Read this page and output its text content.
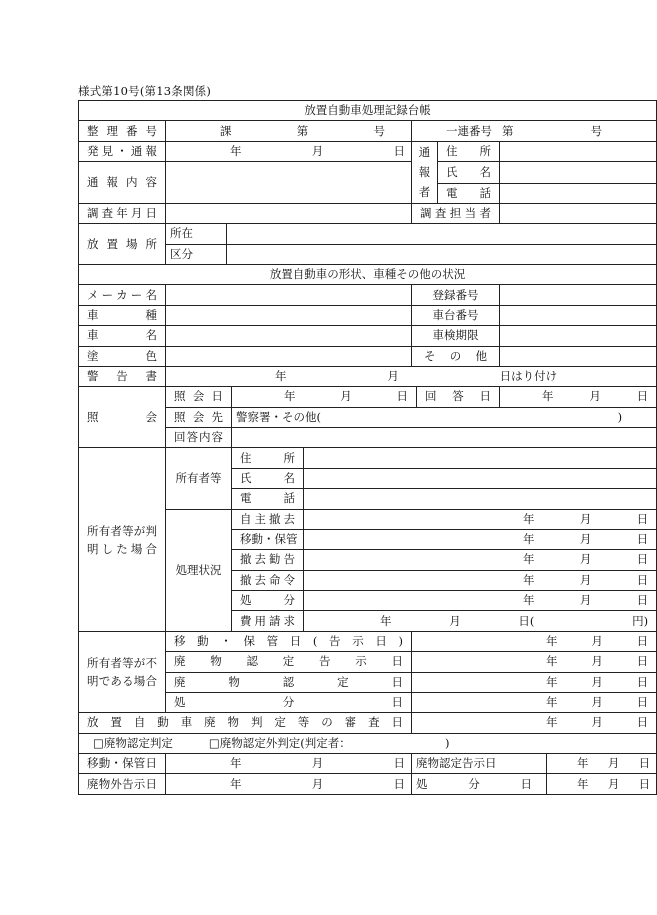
様式第10号(第13条関係)
放置自動車処理記録台帳									
整理番号	課 第 号				一連番号 第 号				

発見・通報	年 月 日				通報者		住所		
通報内容							氏名		
							電話		
調査年月日					調査担当者				
放置場所	所在								
	区分								
放置自動車の形状、車種その他の状況									
メーカー名					登録番号				
車種					車台番号				
車名					車検期限				
塗色					その他				
警告書	年 月 日はり付け								

照会	照会日		年 月 日			回答日		年 月 日	

	照会先		警察署・その他( )						

	回答内容								
所有者等が判明した場合	所有者等		住所						
			氏名						
			電話						
	処理状況		自主撤去	年 月 日					

			移動・保管	年 月 日					

			撤去勧告	年 月 日					

			撤去命令	年 月 日					

			処分	年 月 日					

			費用請求	年 月 日( 円)					

所有者等が不明である場合	移動・保管日(告示日)				年 月 日				

	廃物認定告示日				年 月 日				

	廃物認定日				年 月 日				

	処分日				年 月 日				

放置自動車廃物判定等の審査日					年 月 日				

□廃物認定判定 □廃物認定外判定(判定者： )									

移動・保管日	年 月 日				廃物認定告示日				年 月 日

廃物外告示日	年 月 日				処分日				年 月 日
